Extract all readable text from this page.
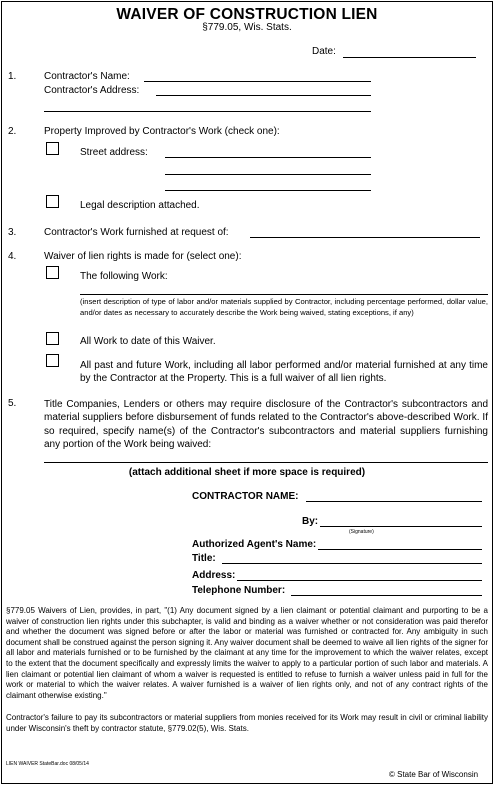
WAIVER OF CONSTRUCTION LIEN
§779.05, Wis. Stats.
Date:
1.	Contractor's Name:
Contractor's Address:
2.	Property Improved by Contractor's Work (check one):
Street address:
Legal description attached.
3.	Contractor's Work furnished at request of:
4.	Waiver of lien rights is made for (select one):
The following Work:
(insert description of type of labor and/or materials supplied by Contractor, including percentage performed, dollar value, and/or dates as necessary to accurately describe the Work being waived, stating exceptions, if any)
All Work to date of this Waiver.
All past and future Work, including all labor performed and/or material furnished at any time by the Contractor at the Property. This is a full waiver of all lien rights.
5.	Title Companies, Lenders or others may require disclosure of the Contractor's subcontractors and material suppliers before disbursement of funds related to the Contractor's above-described Work. If so required, specify name(s) of the Contractor's subcontractors and material suppliers furnishing any portion of the Work being waived:
(attach additional sheet if more space is required)
CONTRACTOR NAME:
By:
(Signature)
Authorized Agent's Name:
Title:
Address:
Telephone Number:
§779.05 Waivers of Lien, provides, in part, "(1) Any document signed by a lien claimant or potential claimant and purporting to be a waiver of construction lien rights under this subchapter, is valid and binding as a waiver whether or not consideration was paid therefor and whether the document was signed before or after the labor or material was furnished or contracted for. Any ambiguity in such document shall be construed against the person signing it. Any waiver document shall be deemed to waive all lien rights of the signer for all labor and materials furnished or to be furnished by the claimant at any time for the improvement to which the waiver relates, except to the extent that the document specifically and expressly limits the waiver to apply to a particular portion of such labor and materials. A lien claimant or potential lien claimant of whom a waiver is requested is entitled to refuse to furnish a waiver unless paid in full for the work or material to which the waiver relates. A waiver furnished is a waiver of lien rights only, and not of any contract rights of the claimant otherwise existing."
Contractor's failure to pay its subcontractors or material suppliers from monies received for its Work may result in civil or criminal liability under Wisconsin's theft by contractor statute, §779.02(5), Wis. Stats.
LIEN WAIVER StateBar.doc 08/05/14
© State Bar of Wisconsin
